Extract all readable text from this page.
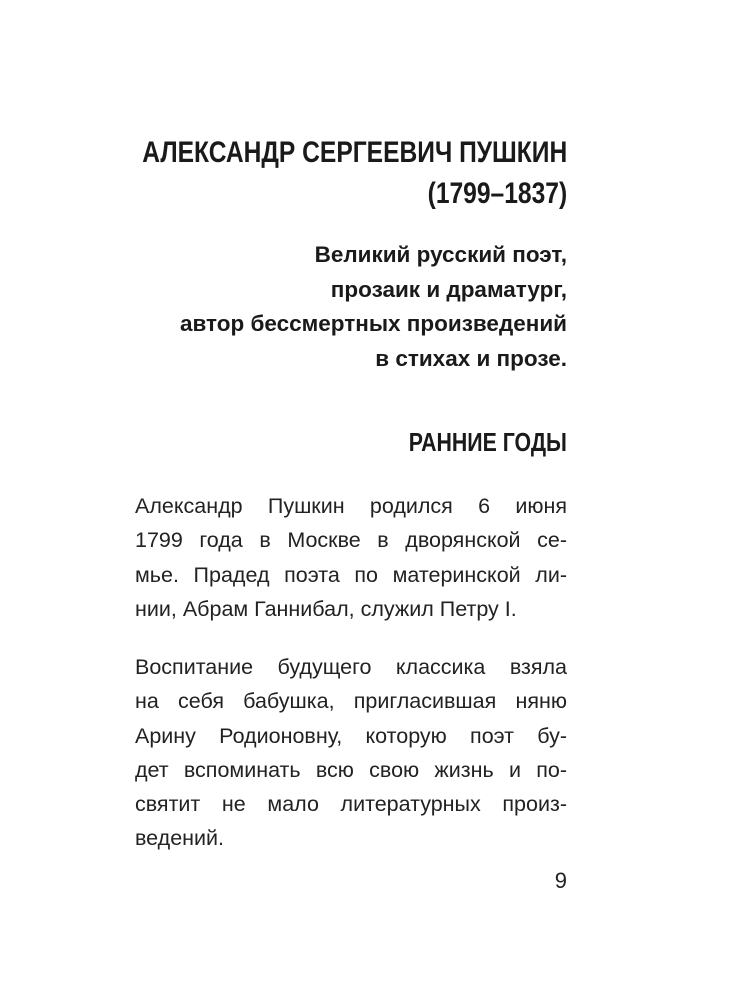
АЛЕКСАНДР СЕРГЕЕВИЧ ПУШКИН
(1799–1837)

Великий русский поэт,
прозаик и драматург,
автор бессмертных произведений
в стихах и прозе.

РАННИЕ ГОДЫ

Александр Пушкин родился 6 июня
1799 года в Москве в дворянской се-
мье. Прадед поэта по материнской ли-
нии, Абрам Ганнибал, служил Петру I.

Воспитание будущего классика взяла
на себя бабушка, пригласившая няню
Арину Родионовну, которую поэт бу-
дет вспоминать всю свою жизнь и по-
святит не мало литературных произ-
ведений.

9
